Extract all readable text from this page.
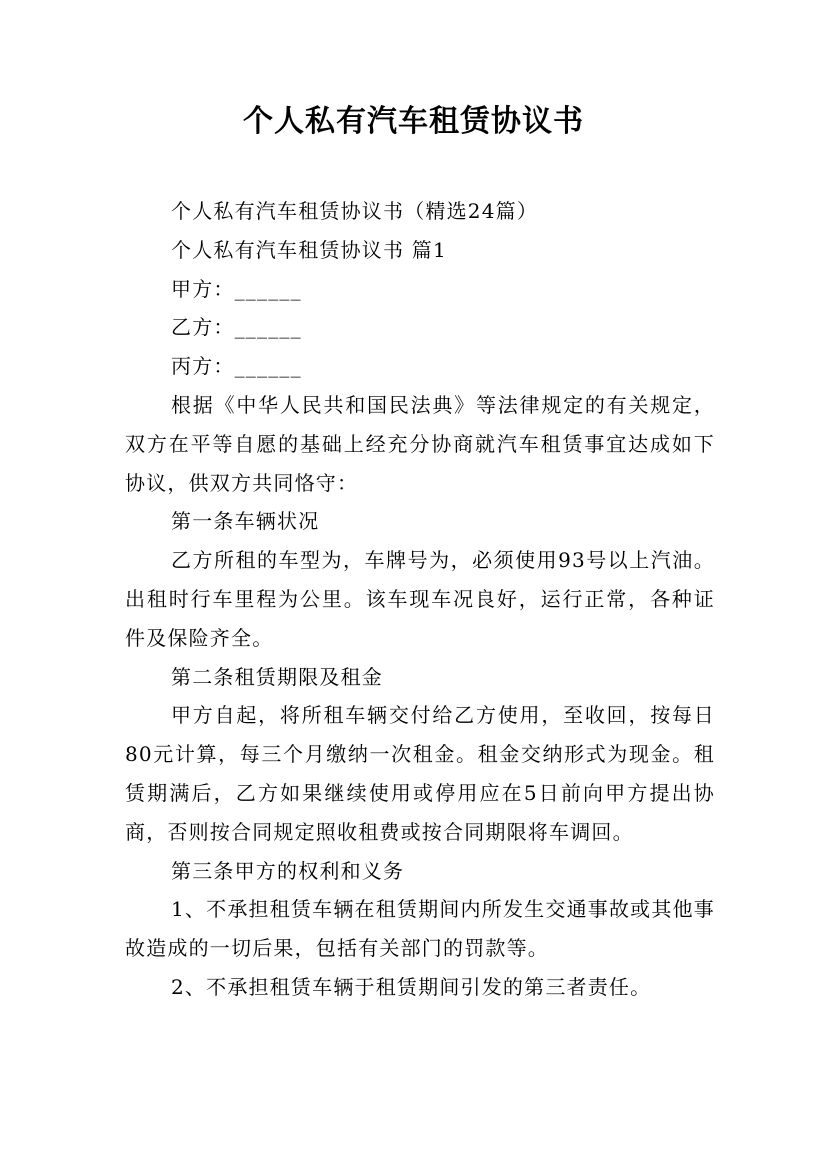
个人私有汽车租赁协议书

个人私有汽车租赁协议书（精选24篇）

个人私有汽车租赁协议书 篇1

甲方：______

乙方：______

丙方：______

根据《中华人民共和国民法典》等法律规定的有关规定，双方在平等自愿的基础上经充分协商就汽车租赁事宜达成如下协议，供双方共同恪守：

第一条车辆状况

乙方所租的车型为，车牌号为，必须使用93号以上汽油。出租时行车里程为公里。该车现车况良好，运行正常，各种证件及保险齐全。

第二条租赁期限及租金

甲方自起，将所租车辆交付给乙方使用，至收回，按每日80元计算，每三个月缴纳一次租金。租金交纳形式为现金。租赁期满后，乙方如果继续使用或停用应在5日前向甲方提出协商，否则按合同规定照收租费或按合同期限将车调回。

第三条甲方的权利和义务

1、不承担租赁车辆在租赁期间内所发生交通事故或其他事故造成的一切后果，包括有关部门的罚款等。

2、不承担租赁车辆于租赁期间引发的第三者责任。
